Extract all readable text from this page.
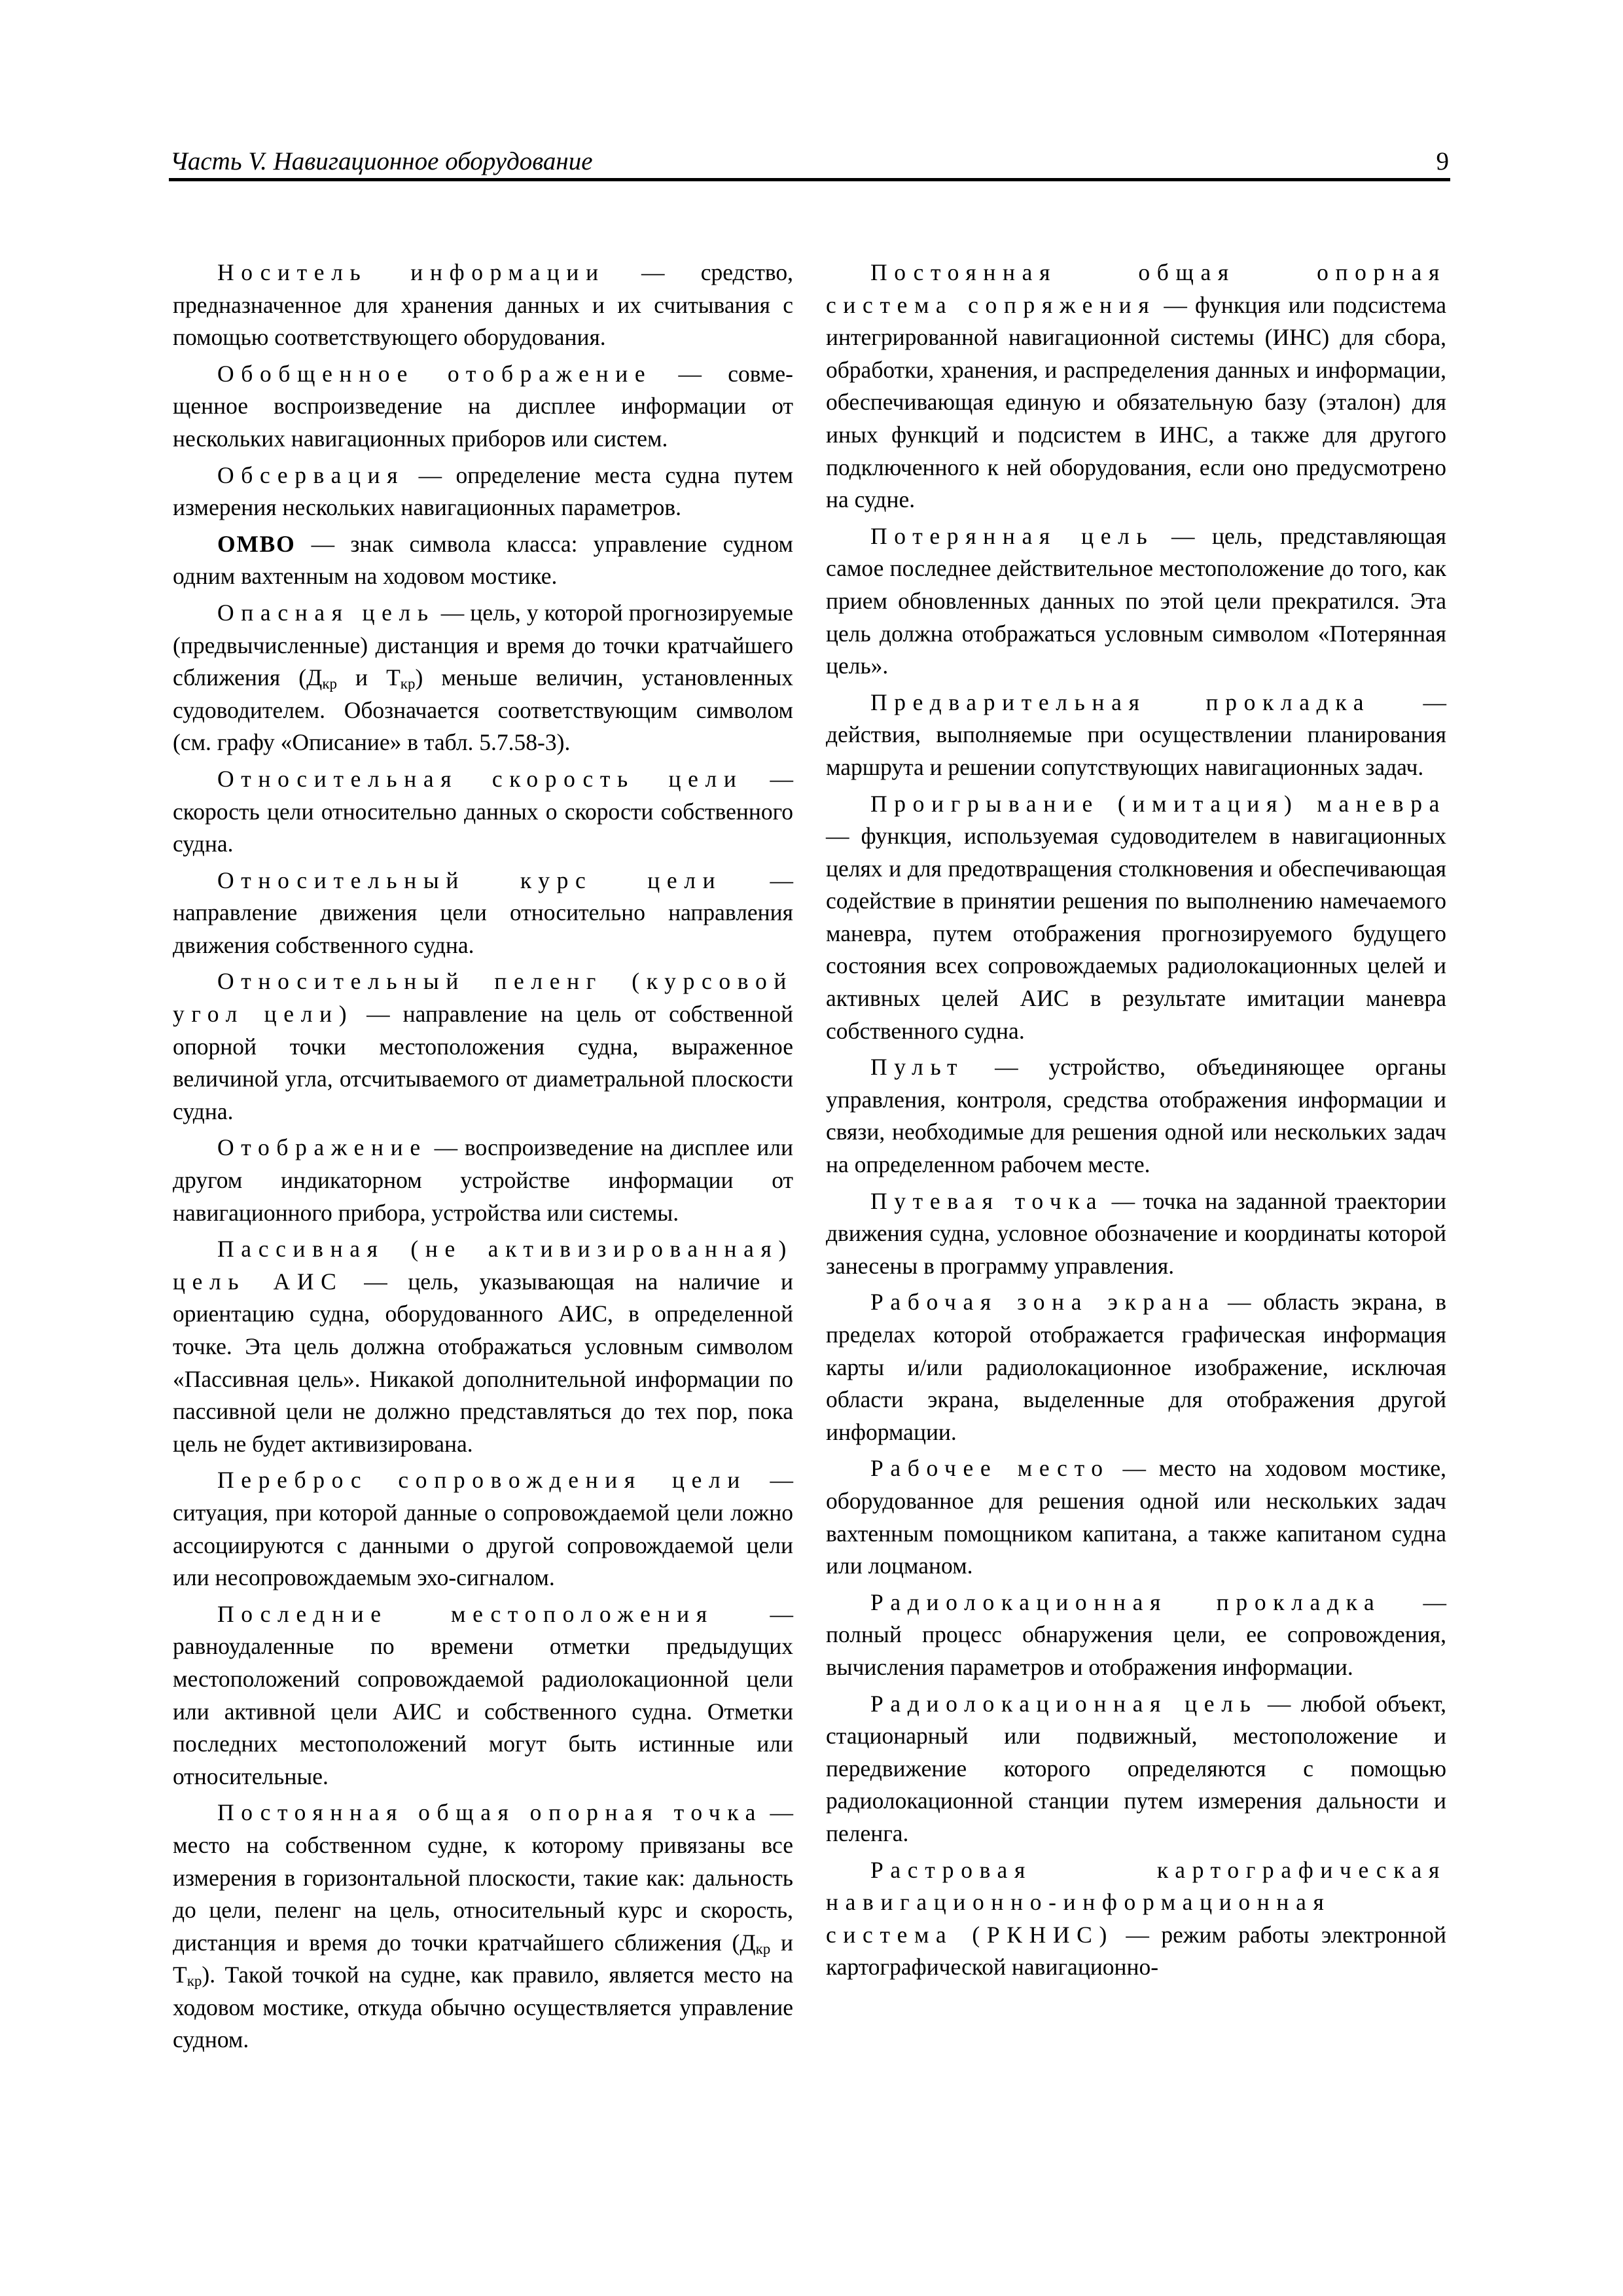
Часть V. Навигационное оборудование	9

Носитель информации — средство, предназначенное для хранения данных и их считывания с помощью соответствующего оборудования.

Обобщенное отображение — совмещенное воспроизведение на дисплее информации от нескольких навигационных приборов или систем.

Обсервация — определение места судна путем измерения нескольких навигационных параметров.

ОМВО — знак символа класса: управление судном одним вахтенным на ходовом мостике.

Опасная цель — цель, у которой прогнозируемые (предвычисленные) дистанция и время до точки кратчайшего сближения ($Д_{кр}$ и $Т_{кр}$) меньше величин, установленных судоводителем. Обозначается соответствующим символом (см. графу «Описание» в табл. 5.7.58-3).

Относительная скорость цели — скорость цели относительно данных о скорости собственного судна.

Относительный курс цели — направление движения цели относительно направления движения собственного судна.

Относительный пеленг (курсовой угол цели) — направление на цель от собственной опорной точки местоположения судна, выраженное величиной угла, отсчитываемого от диаметральной плоскости судна.

Отображение — воспроизведение на дисплее или другом индикаторном устройстве информации от навигационного прибора, устройства или системы.

Пассивная (не активизированная) цель АИС — цель, указывающая на наличие и ориентацию судна, оборудованного АИС, в определенной точке. Эта цель должна отображаться условным символом «Пассивная цель». Никакой дополнительной информации по пассивной цели не должно представляться до тех пор, пока цель не будет активизирована.

Переброс сопровождения цели — ситуация, при которой данные о сопровождаемой цели ложно ассоциируются с данными о другой сопровождаемой цели или несопровождаемым эхо-сигналом.

Последние местоположения — равноудаленные по времени отметки предыдущих местоположений сопровождаемой радиолокационной цели или активной цели АИС и собственного судна. Отметки последних местоположений могут быть истинные или относительные.

Постоянная общая опорная точка — место на собственном судне, к которому привязаны все измерения в горизонтальной плоскости, такие как: дальность до цели, пеленг на цель, относительный курс и скорость, дистанция и время до точки кратчайшего сближения ($Д_{кр}$ и $Т_{кр}$). Такой точкой на судне, как правило, является место на ходовом мостике, откуда обычно осуществляется управление судном.

Постоянная общая опорная система сопряжения — функция или подсистема интегрированной навигационной системы (ИНС) для сбора, обработки, хранения, и распределения данных и информации, обеспечивающая единую и обязательную базу (эталон) для иных функций и подсистем в ИНС, а также для другого подключенного к ней оборудования, если оно предусмотрено на судне.

Потерянная цель — цель, представляющая самое последнее действительное местоположение до того, как прием обновленных данных по этой цели прекратился. Эта цель должна отображаться условным символом «Потерянная цель».

Предварительная прокладка — действия, выполняемые при осуществлении планирования маршрута и решении сопутствующих навигационных задач.

Проигрывание (имитация) маневра — функция, используемая судоводителем в навигационных целях и для предотвращения столкновения и обеспечивающая содействие в принятии решения по выполнению намечаемого маневра, путем отображения прогнозируемого будущего состояния всех сопровождаемых радиолокационных целей и активных целей АИС в результате имитации маневра собственного судна.

Пульт — устройство, объединяющее органы управления, контроля, средства отображения информации и связи, необходимые для решения одной или нескольких задач на определенном рабочем месте.

Путевая точка — точка на заданной траектории движения судна, условное обозначение и координаты которой занесены в программу управления.

Рабочая зона экрана — область экрана, в пределах которой отображается графическая информация карты и/или радиолокационное изображение, исключая области экрана, выделенные для отображения другой информации.

Рабочее место — место на ходовом мостике, оборудованное для решения одной или нескольких задач вахтенным помощником капитана, а также капитаном судна или лоцманом.

Радиолокационная прокладка — полный процесс обнаружения цели, ее сопровождения, вычисления параметров и отображения информации.

Радиолокационная цель — любой объект, стационарный или подвижный, местоположение и передвижение которого определяются с помощью радиолокационной станции путем измерения дальности и пеленга.

Растровая картографическая навигационно-информационная система (РКНИС) — режим работы электронной картографической навигационно-
